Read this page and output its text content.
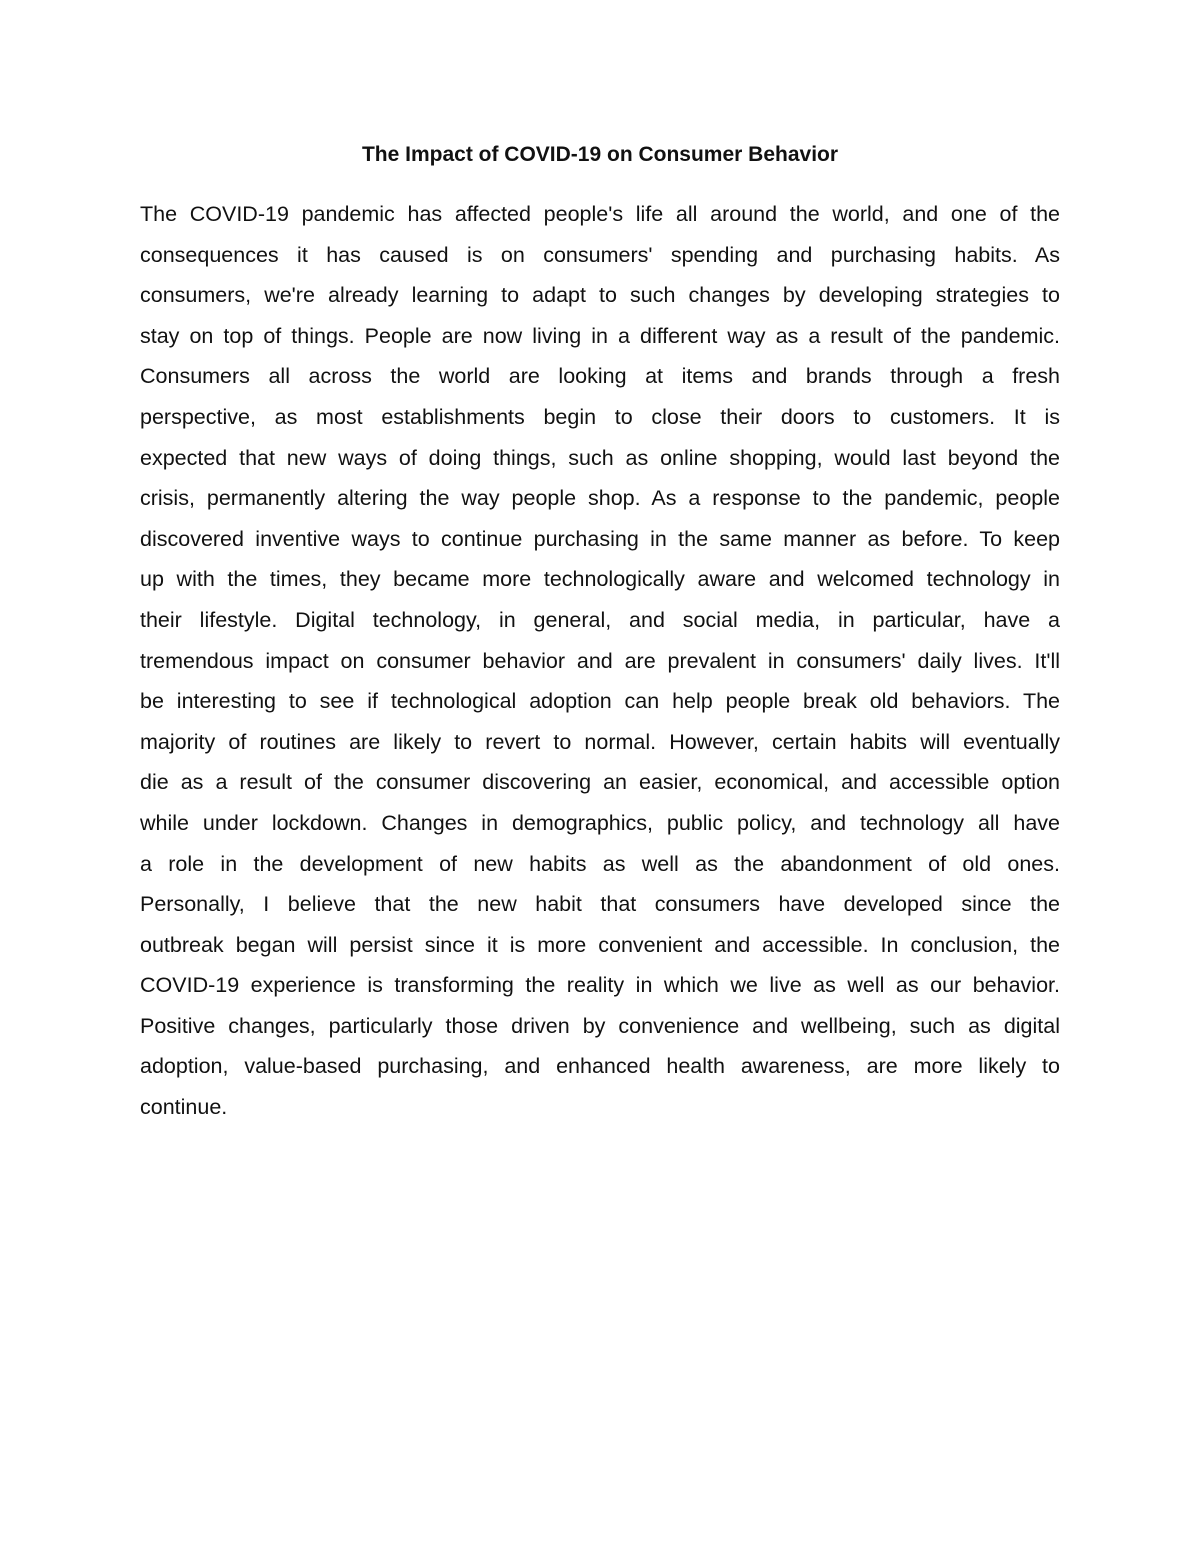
The Impact of COVID-19 on Consumer Behavior
The COVID-19 pandemic has affected people's life all around the world, and one of the
consequences it has caused is on consumers' spending and purchasing habits. As
consumers, we're already learning to adapt to such changes by developing strategies to
stay on top of things. People are now living in a different way as a result of the pandemic.
Consumers all across the world are looking at items and brands through a fresh
perspective, as most establishments begin to close their doors to customers. It is
expected that new ways of doing things, such as online shopping, would last beyond the
crisis, permanently altering the way people shop. As a response to the pandemic, people
discovered inventive ways to continue purchasing in the same manner as before. To keep
up with the times, they became more technologically aware and welcomed technology in
their lifestyle. Digital technology, in general, and social media, in particular, have a
tremendous impact on consumer behavior and are prevalent in consumers' daily lives. It'll
be interesting to see if technological adoption can help people break old behaviors. The
majority of routines are likely to revert to normal. However, certain habits will eventually
die as a result of the consumer discovering an easier, economical, and accessible option
while under lockdown. Changes in demographics, public policy, and technology all have
a role in the development of new habits as well as the abandonment of old ones.
Personally, I believe that the new habit that consumers have developed since the
outbreak began will persist since it is more convenient and accessible. In conclusion, the
COVID-19 experience is transforming the reality in which we live as well as our behavior.
Positive changes, particularly those driven by convenience and wellbeing, such as digital
adoption, value-based purchasing, and enhanced health awareness, are more likely to
continue.
